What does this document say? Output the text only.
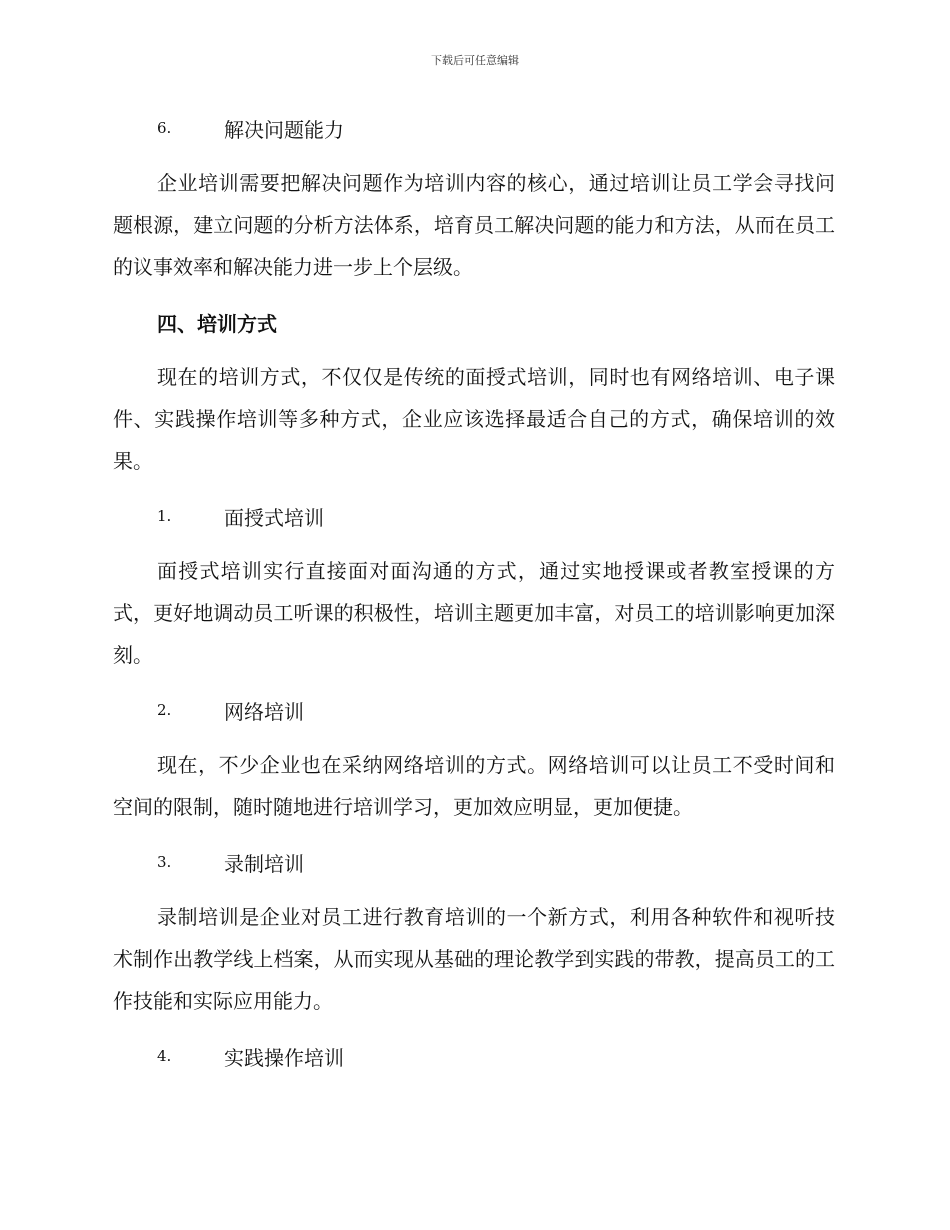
下载后可任意编辑
6.	解决问题能力

企业培训需要把解决问题作为培训内容的核心，通过培训让员工学会寻找问题根源，建立问题的分析方法体系，培育员工解决问题的能力和方法，从而在员工的议事效率和解决能力进一步上个层级。

四、培训方式

现在的培训方式，不仅仅是传统的面授式培训，同时也有网络培训、电子课件、实践操作培训等多种方式，企业应该选择最适合自己的方式，确保培训的效果。

1.	面授式培训

面授式培训实行直接面对面沟通的方式，通过实地授课或者教室授课的方式，更好地调动员工听课的积极性，培训主题更加丰富，对员工的培训影响更加深刻。

2.	网络培训

现在，不少企业也在采纳网络培训的方式。网络培训可以让员工不受时间和空间的限制，随时随地进行培训学习，更加效应明显，更加便捷。

3.	录制培训

录制培训是企业对员工进行教育培训的一个新方式，利用各种软件和视听技术制作出教学线上档案，从而实现从基础的理论教学到实践的带教，提高员工的工作技能和实际应用能力。

4.	实践操作培训
